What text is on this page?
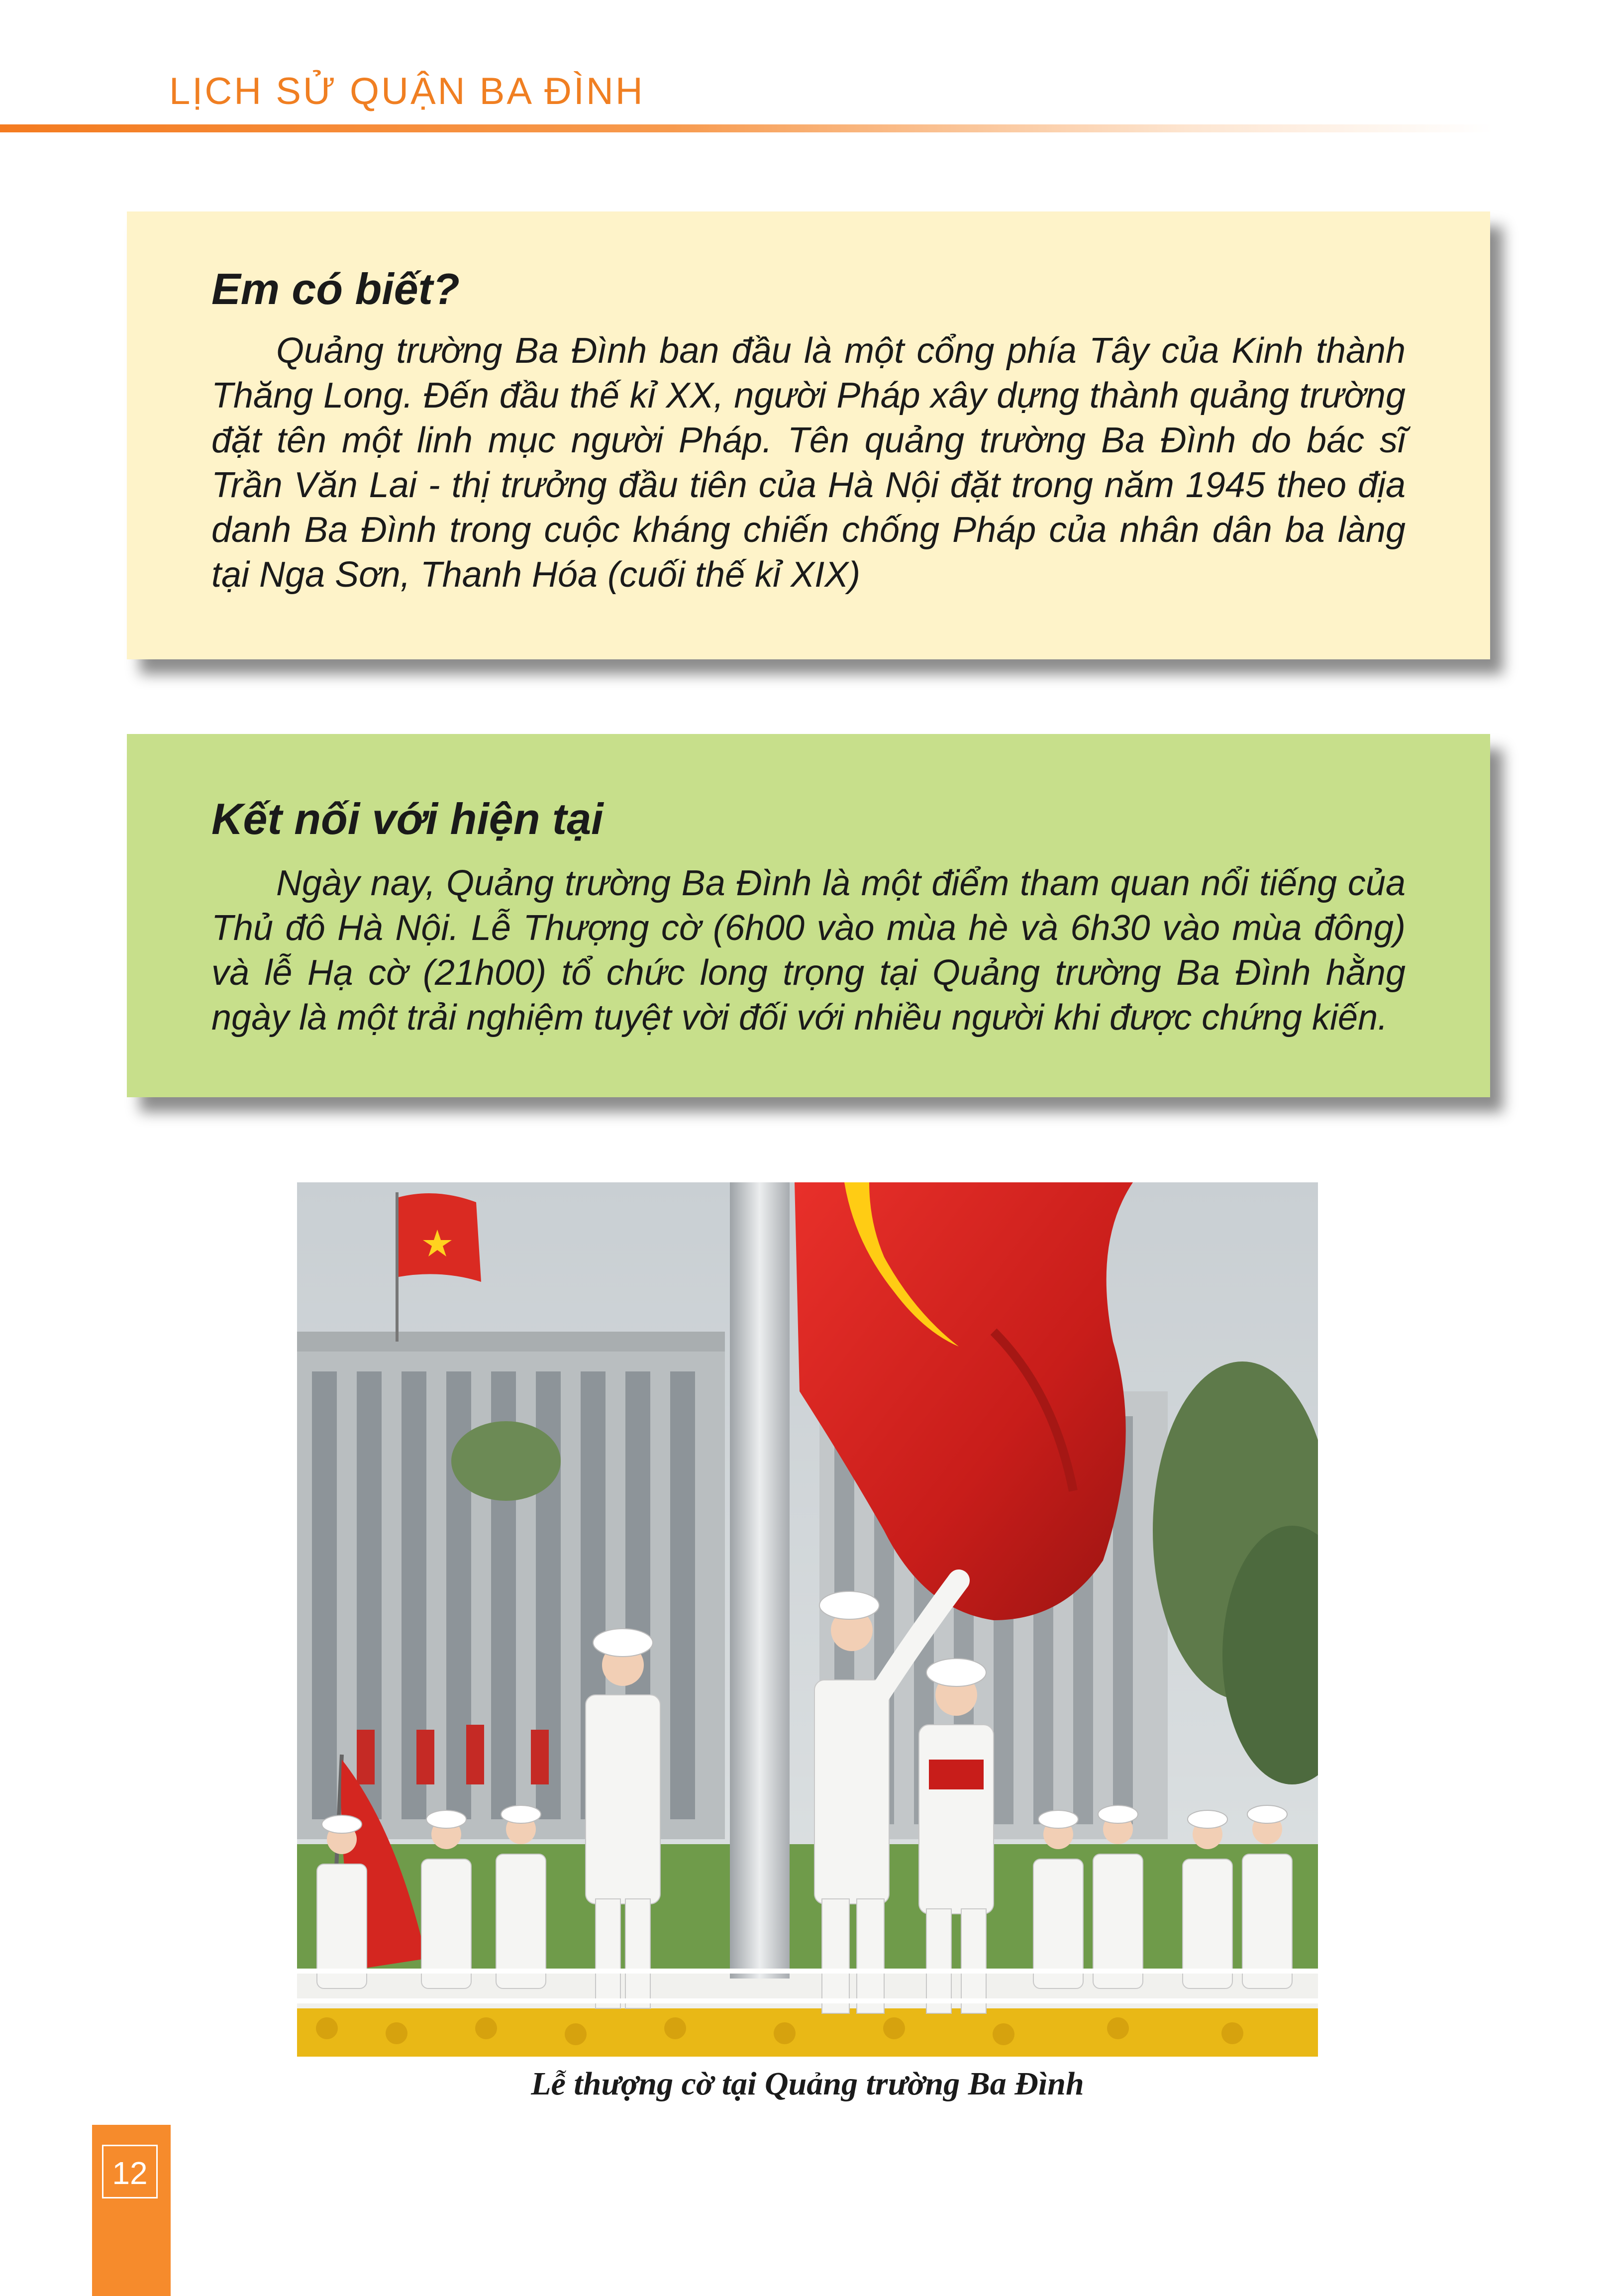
LỊCH SỬ QUẬN BA ĐÌNH
Em có biết?

Quảng trường Ba Đình ban đầu là một cổng phía Tây của Kinh thành Thăng Long. Đến đầu thế kỉ XX, người Pháp xây dựng thành quảng trường đặt tên một linh mục người Pháp. Tên quảng trường Ba Đình do bác sĩ Trần Văn Lai - thị trưởng đầu tiên của Hà Nội đặt trong năm 1945 theo địa danh Ba Đình trong cuộc kháng chiến chống Pháp của nhân dân ba làng tại Nga Sơn, Thanh Hóa (cuối thế kỉ XIX)

Kết nối với hiện tại

Ngày nay, Quảng trường Ba Đình là một điểm tham quan nổi tiếng của Thủ đô Hà Nội. Lễ Thượng cờ (6h00 vào mùa hè và 6h30 vào mùa đông) và lễ Hạ cờ (21h00) tổ chức long trọng tại Quảng trường Ba Đình hằng ngày là một trải nghiệm tuyệt vời đối với nhiều người khi được chứng kiến.

Lễ thượng cờ tại Quảng trường Ba Đình
12
